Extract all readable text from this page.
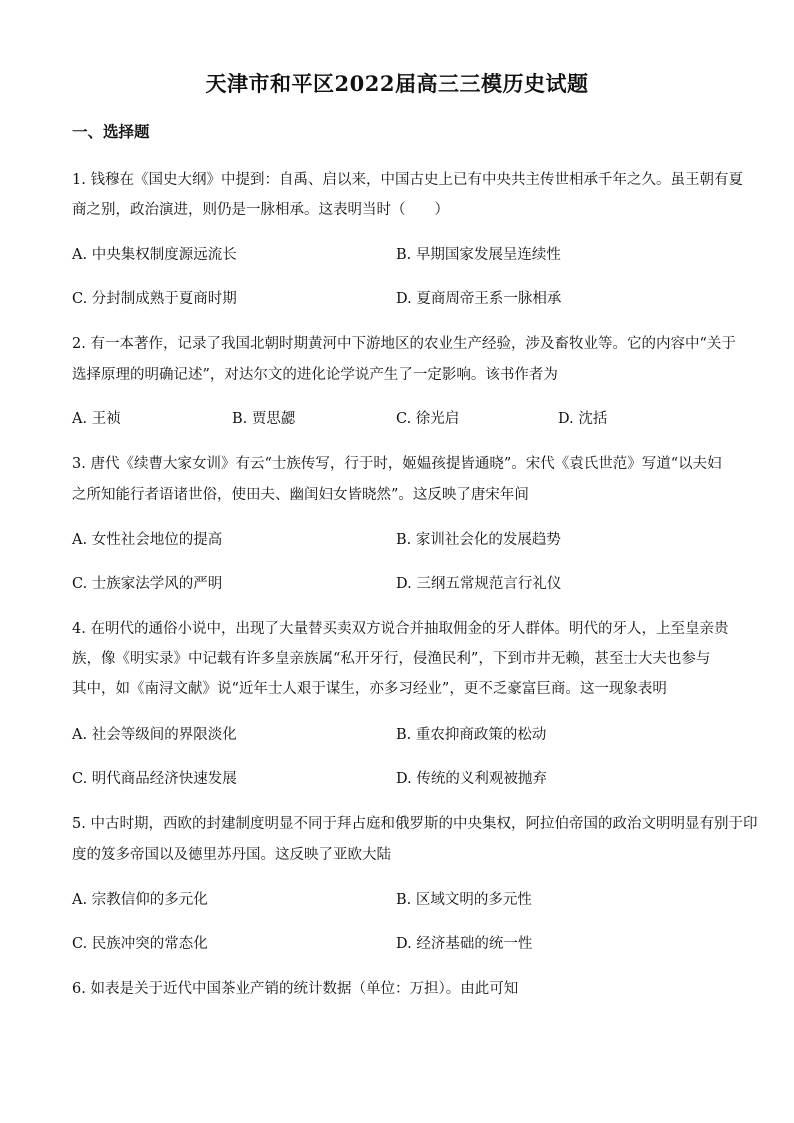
天津市和平区2022届高三三模历史试题
一、选择题
1. 钱穆在《国史大纲》中提到：自禹、启以来，中国古史上已有中央共主传世相承千年之久。虽王朝有夏
商之别，政治演进，则仍是一脉相承。这表明当时（　　）
A. 中央集权制度源远流长	B. 早期国家发展呈连续性
C. 分封制成熟于夏商时期	D. 夏商周帝王系一脉相承
2. 有一本著作，记录了我国北朝时期黄河中下游地区的农业生产经验，涉及畜牧业等。它的内容中“关于
选择原理的明确记述”，对达尔文的进化论学说产生了一定影响。该书作者为
A. 王祯	B. 贾思勰	C. 徐光启	D. 沈括
3. 唐代《续曹大家女训》有云“士族传写，行于时，姬媪孩提皆通晓”。宋代《袁氏世范》写道“以夫妇
之所知能行者语诸世俗，使田夫、幽闺妇女皆晓然”。这反映了唐宋年间
A. 女性社会地位的提高	B. 家训社会化的发展趋势
C. 士族家法学风的严明	D. 三纲五常规范言行礼仪
4. 在明代的通俗小说中，出现了大量替买卖双方说合并抽取佣金的牙人群体。明代的牙人，上至皇亲贵
族，像《明实录》中记载有许多皇亲族属“私开牙行，侵渔民利”，下到市井无赖，甚至士大夫也参与
其中，如《南浔文献》说“近年士人艰于谋生，亦多习经业”，更不乏豪富巨商。这一现象表明
A. 社会等级间的界限淡化	B. 重农抑商政策的松动
C. 明代商品经济快速发展	D. 传统的义利观被抛弃
5. 中古时期，西欧的封建制度明显不同于拜占庭和俄罗斯的中央集权，阿拉伯帝国的政治文明明显有别于印
度的笈多帝国以及德里苏丹国。这反映了亚欧大陆
A. 宗教信仰的多元化	B. 区域文明的多元性
C. 民族冲突的常态化	D. 经济基础的统一性
6. 如表是关于近代中国茶业产销的统计数据（单位：万担）。由此可知
